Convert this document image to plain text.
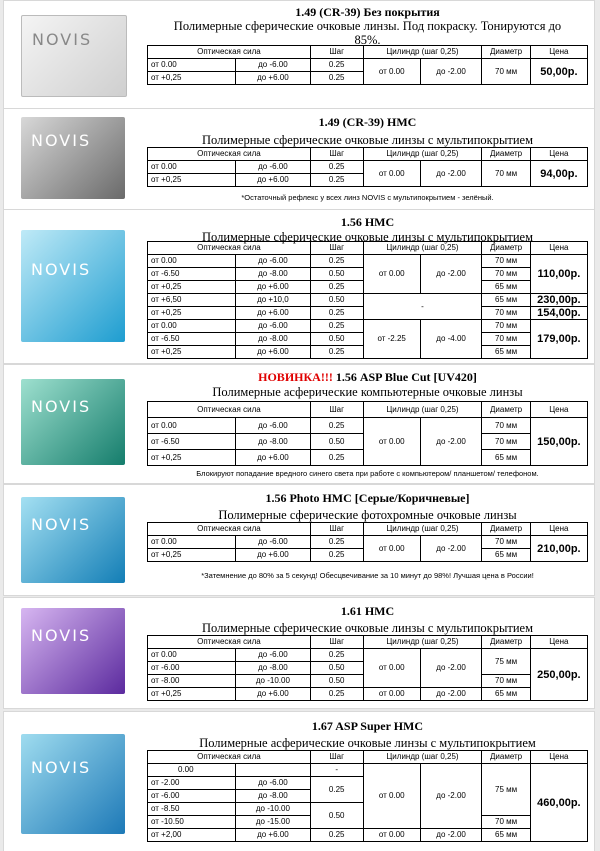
NOVIS
1.49 (CR-39) Без покрытия
Полимерные сферические очковые линзы. Под покраску. Тонируются до 85%.
Оптическая сила		Шаг	Цилиндр (шаг 0,25)		Диаметр	Цена
от 0.00	до -6.00	0.25	от 0.00	до -2.00	70 мм	50,00р.
от +0,25	до +6.00	0.25				
NOVIS
1.49 (CR-39) HMC
Полимерные сферические очковые линзы с мультипокрытием
Оптическая сила		Шаг	Цилиндр (шаг 0,25)		Диаметр	Цена
от 0.00	до -6.00	0.25	от 0.00	до -2.00	70 мм	94,00р.
от +0,25	до +6.00	0.25				
*Остаточный рефлекс у всех линз NOVIS с мультипокрытием - зелёный.
NOVIS
1.56 HMC
Полимерные сферические очковые линзы с мультипокрытием
Оптическая сила		Шаг	Цилиндр (шаг 0,25)		Диаметр	Цена
от 0.00	до -6.00	0.25	от 0.00	до -2.00	70 мм	110,00р.
от -6.50	до -8.00	0.50			70 мм	
от +0,25	до +6.00	0.25			65 мм	
от +6,50	до +10,0	0.50	-		65 мм	230,00р.
от +0,25	до +6.00	0.25			70 мм	154,00р.
от 0.00	до -6.00	0.25	от -2.25	до -4.00	70 мм	179,00р.
от -6.50	до -8.00	0.50			70 мм	
от +0,25	до +6.00	0.25			65 мм	
NOVIS
НОВИНКА!!! 1.56 ASP Blue Cut [UV420]
Полимерные асферические компьютерные очковые линзы
Оптическая сила		Шаг	Цилиндр (шаг 0,25)		Диаметр	Цена
от 0.00	до -6.00	0.25	от 0.00	до -2.00	70 мм	150,00р.
от -6.50	до -8.00	0.50			70 мм	
от +0,25	до +6.00	0.25			65 мм	
Блокируют попадание вредного синего света при работе с компьютером/ планшетом/ телефоном.
NOVIS
1.56 Photo HMC [Серые/Коричневые]
Полимерные сферические фотохромные очковые линзы
Оптическая сила		Шаг	Цилиндр (шаг 0,25)		Диаметр	Цена
от 0.00	до -6.00	0.25	от 0.00	до -2.00	70 мм	210,00р.
от +0,25	до +6.00	0.25			65 мм	
*Затемнение до 80% за 5 секунд! Обесцвечивание за 10 минут до 98%! Лучшая цена в России!
NOVIS
1.61 HMC
Полимерные сферические очковые линзы с мультипокрытием
Оптическая сила		Шаг	Цилиндр (шаг 0,25)		Диаметр	Цена
от 0.00	до -6.00	0.25	от 0.00	до -2.00	75 мм	250,00р.
от -6.00	до -8.00	0.50				
от -8.00	до -10.00	0.50			70 мм	
от +0,25	до +6.00	0.25	от 0.00	до -2.00	65 мм	
NOVIS
1.67 ASP Super HMC
Полимерные асферические очковые линзы с мультипокрытием
Оптическая сила		Шаг	Цилиндр (шаг 0,25)		Диаметр	Цена
0.00		-	от 0.00	до -2.00	75 мм	460,00р.
от -2.00	до -6.00	0.25				
от -6.00	до -8.00					
от -8.50	до -10.00	0.50				
от -10.50	до -15.00				70 мм	
от +2,00	до +6.00	0.25	от 0.00	до -2.00	65 мм	
